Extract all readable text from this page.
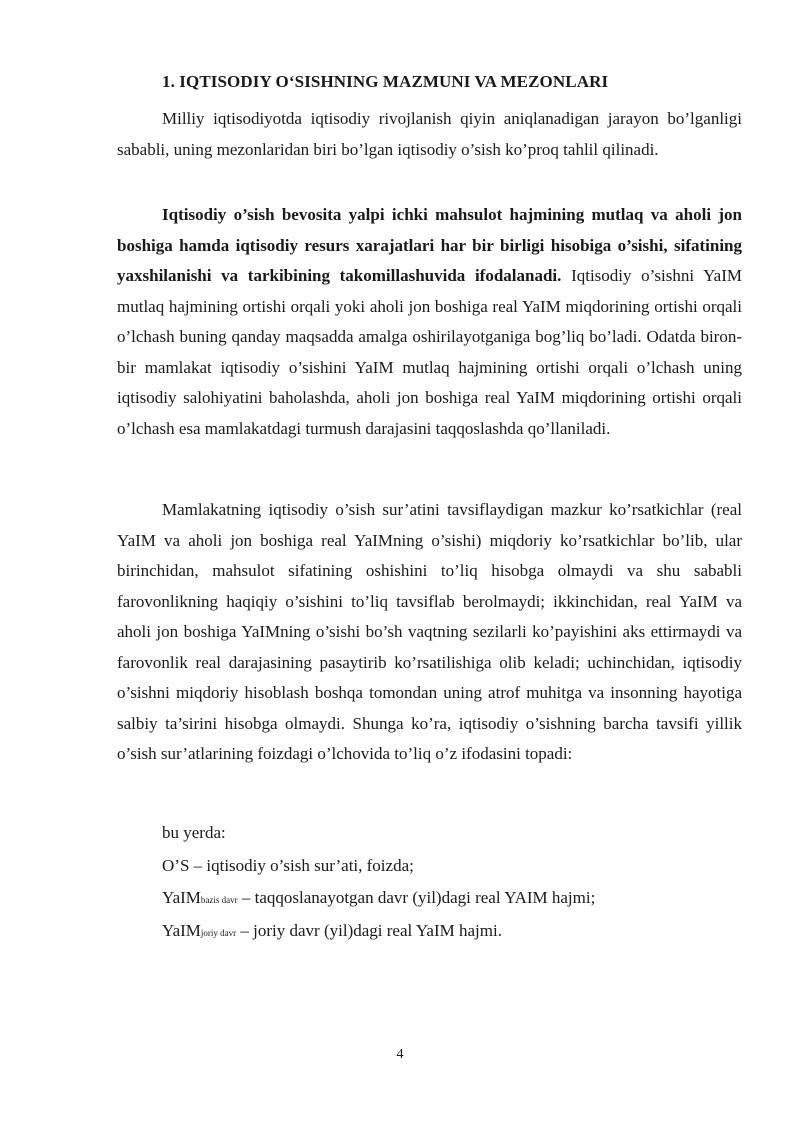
1. IQTISODIY O‘SISHNING MAZMUNI VA MEZONLARI

Milliy iqtisodiyotda iqtisodiy rivojlanish qiyin aniqlanadigan jarayon bo’lganligi sababli, uning mezonlaridan biri bo’lgan iqtisodiy o’sish ko’proq tahlil qilinadi.

Iqtisodiy o’sish bevosita yalpi ichki mahsulot hajmining mutlaq va aholi jon boshiga hamda iqtisodiy resurs xarajatlari har bir birligi hisobiga o’sishi, sifatining yaxshilanishi va tarkibining takomillashuvida ifodalanadi. Iqtisodiy o’sishni YaIM mutlaq hajmining ortishi orqali yoki aholi jon boshiga real YaIM miqdorining ortishi orqali o’lchash buning qanday maqsadda amalga oshirilayotganiga bog’liq bo’ladi. Odatda biron-bir mamlakat iqtisodiy o’sishini YaIM mutlaq hajmining ortishi orqali o’lchash uning iqtisodiy salohiyatini baholashda, aholi jon boshiga real YaIM miqdorining ortishi orqali o’lchash esa mamlakatdagi turmush darajasini taqqoslashda qo’llaniladi.

Mamlakatning iqtisodiy o’sish sur’atini tavsiflaydigan mazkur ko’rsatkichlar (real YaIM va aholi jon boshiga real YaIMning o’sishi) miqdoriy ko’rsatkichlar bo’lib, ular birinchidan, mahsulot sifatining oshishini to’liq hisobga olmaydi va shu sababli farovonlikning haqiqiy o’sishini to’liq tavsiflab berolmaydi; ikkinchidan, real YaIM va aholi jon boshiga YaIMning o’sishi bo’sh vaqtning sezilarli ko’payishini aks ettirmaydi va farovonlik real darajasining pasaytirib ko’rsatilishiga olib keladi; uchinchidan, iqtisodiy o’sishni miqdoriy hisoblash boshqa tomondan uning atrof muhitga va insonning hayotiga salbiy ta’sirini hisobga olmaydi. Shunga ko’ra, iqtisodiy o’sishning barcha tavsifi yillik o’sish sur’atlarining foizdagi o’lchovida to’liq o’z ifodasini topadi:

bu yerda:

O’S – iqtisodiy o’sish sur’ati, foizda;

YaIMbazis davr – taqqoslanayotgan davr (yil)dagi real YAIM hajmi;

YaIMjoriy davr – joriy davr (yil)dagi real YaIM hajmi.

4
